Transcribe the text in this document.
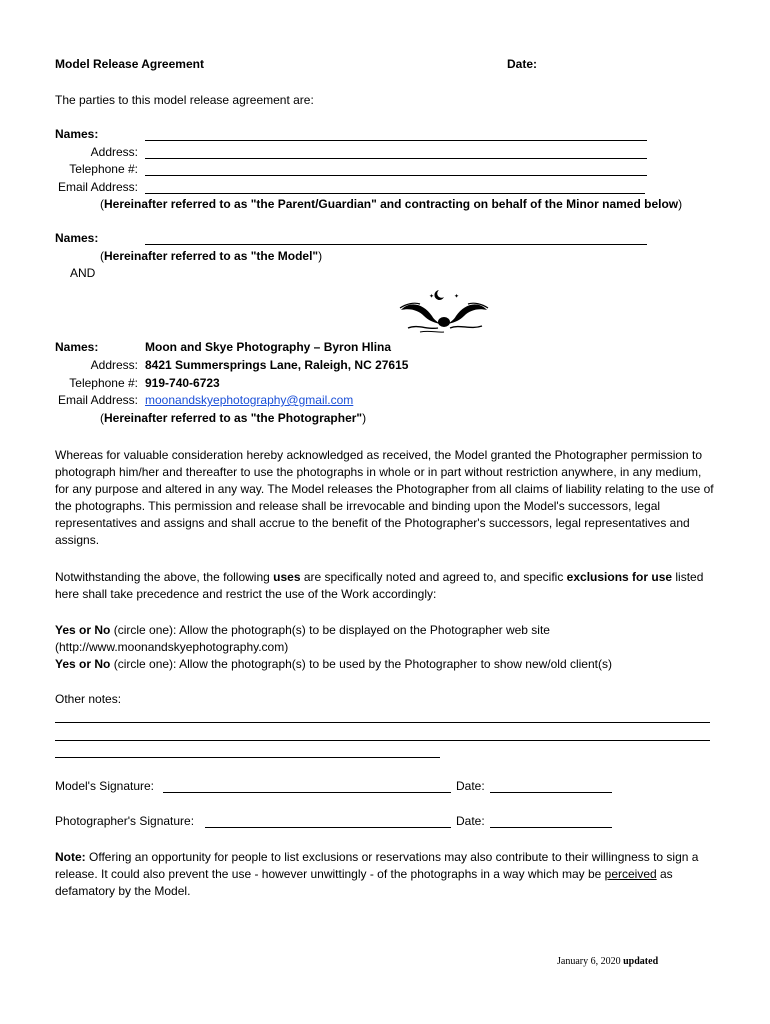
Model Release Agreement	Date:
The parties to this model release agreement are:
Names:
Address:
Telephone #:
Email Address:
(Hereinafter referred to as "the Parent/Guardian" and contracting on behalf of the Minor named below)
Names:
(Hereinafter referred to as "the Model")
AND
✦	✦
Names:	Moon and Skye Photography – Byron Hlina
Address: 8421 Summersprings Lane, Raleigh, NC 27615
Telephone #: 919-740-6723
Email Address: moonandskyephotography@gmail.com
(Hereinafter referred to as "the Photographer")
Whereas for valuable consideration hereby acknowledged as received, the Model granted the Photographer permission to photograph him/her and thereafter to use the photographs in whole or in part without restriction anywhere, in any medium, for any purpose and altered in any way. The Model releases the Photographer from all claims of liability relating to the use of the photographs. This permission and release shall be irrevocable and binding upon the Model's successors, legal representatives and assigns and shall accrue to the benefit of the Photographer's successors, legal representatives and assigns.
Notwithstanding the above, the following uses are specifically noted and agreed to, and specific exclusions for use listed here shall take precedence and restrict the use of the Work accordingly:
Yes or No (circle one): Allow the photograph(s) to be displayed on the Photographer web site
(http://www.moonandskyephotography.com)
Yes or No (circle one): Allow the photograph(s) to be used by the Photographer to show new/old client(s)
Other notes:
Model's Signature:	Date:
Photographer's Signature:	Date:
Note: Offering an opportunity for people to list exclusions or reservations may also contribute to their willingness to sign a release. It could also prevent the use - however unwittingly - of the photographs in a way which may be perceived as defamatory by the Model.
January 6, 2020 updated
